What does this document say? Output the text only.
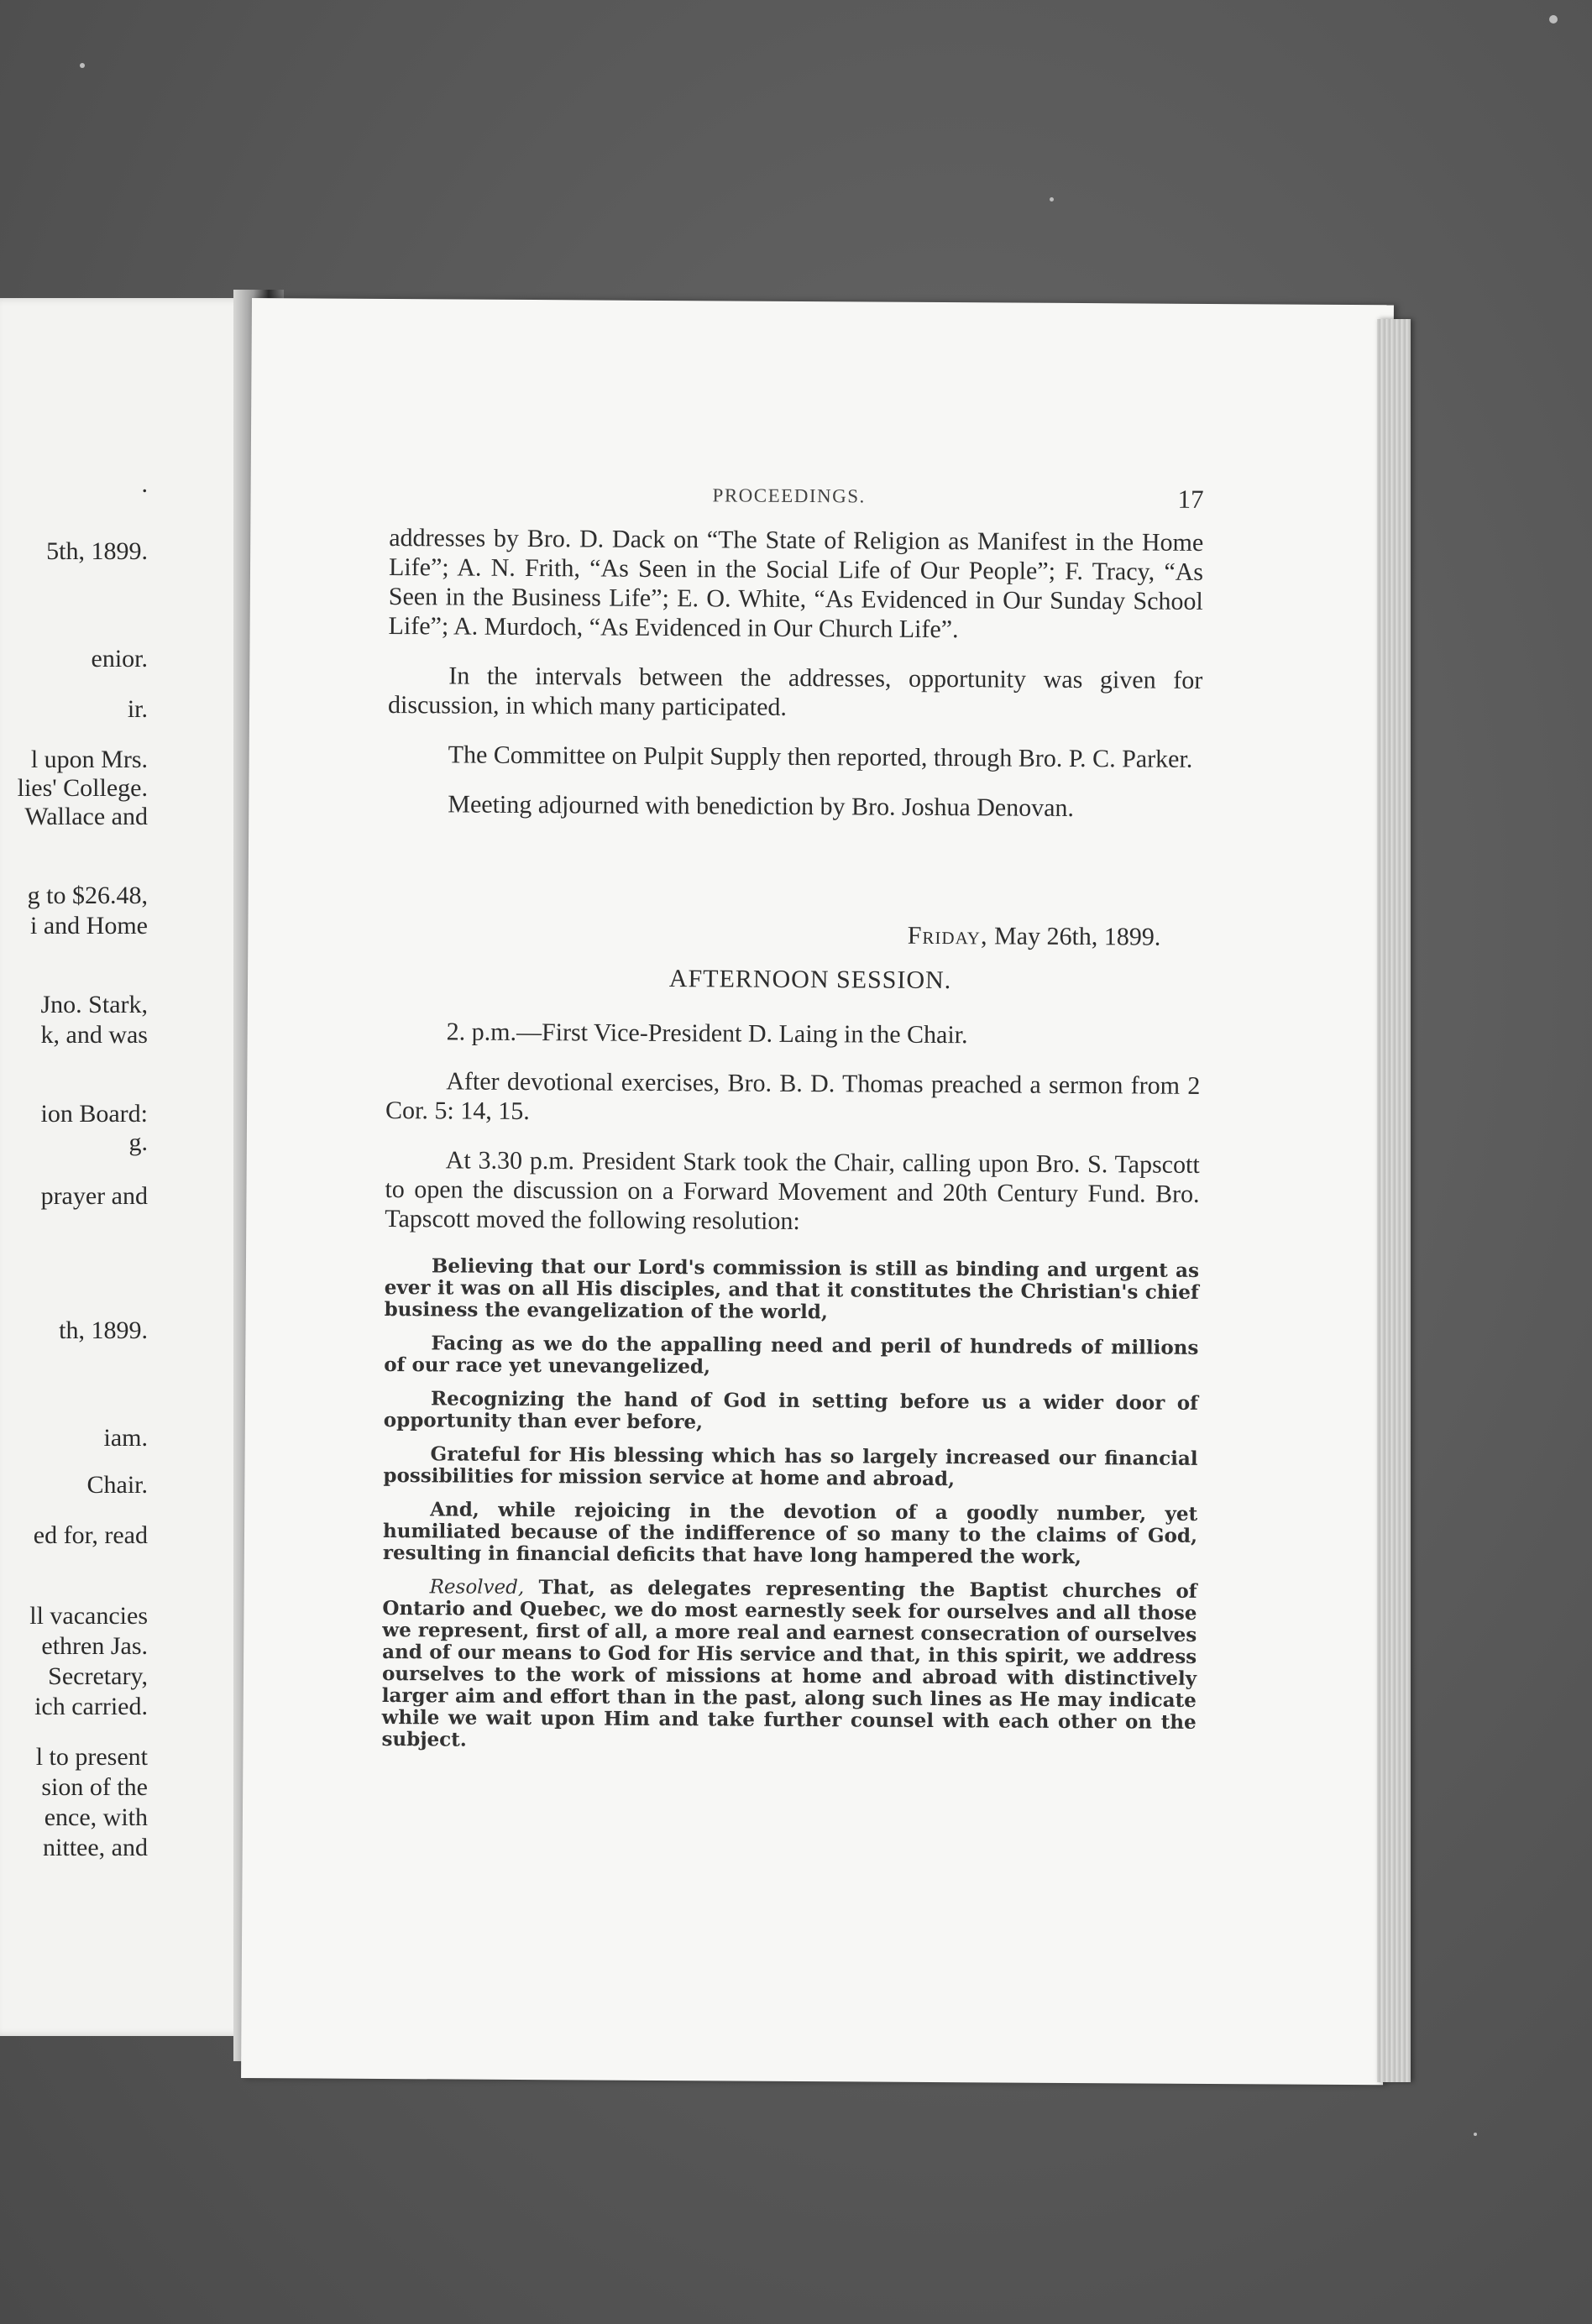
.
5th, 1899.
enior.
ir.
l upon Mrs.
lies' College.
Wallace and
g to $26.48,
i and Home
Jno. Stark,
k, and was
ion Board:
g.
prayer and
th, 1899.
iam.
Chair.
ed for, read
ll vacancies
ethren Jas.
Secretary,
ich carried.
l to present
sion of the
ence, with
nittee, and
PROCEEDINGS.	17

addresses by Bro. D. Dack on “The State of Religion as Manifest in the Home Life”; A. N. Frith, “As Seen in the Social Life of Our People”; F. Tracy, “As Seen in the Business Life”; E. O. White, “As Evidenced in Our Sunday School Life”; A. Murdoch, “As Evidenced in Our Church Life”.

In the intervals between the addresses, opportunity was given for discussion, in which many participated.

The Committee on Pulpit Supply then reported, through Bro. P. C. Parker.

Meeting adjourned with benediction by Bro. Joshua Denovan.

Friday, May 26th, 1899.
AFTERNOON SESSION.

2. p.m.—First Vice-President D. Laing in the Chair.

After devotional exercises, Bro. B. D. Thomas preached a sermon from 2 Cor. 5: 14, 15.

At 3.30 p.m. President Stark took the Chair, calling upon Bro. S. Tapscott to open the discussion on a Forward Movement and 20th Century Fund. Bro. Tapscott moved the following resolution:

Believing that our Lord's commission is still as binding and urgent as ever it was on all His disciples, and that it constitutes the Christian's chief business the evangelization of the world,

Facing as we do the appalling need and peril of hundreds of millions of our race yet unevangelized,

Recognizing the hand of God in setting before us a wider door of opportunity than ever before,

Grateful for His blessing which has so largely increased our financial possibilities for mission service at home and abroad,

And, while rejoicing in the devotion of a goodly number, yet humiliated because of the indifference of so many to the claims of God, resulting in financial deficits that have long hampered the work,

Resolved, That, as delegates representing the Baptist churches of Ontario and Quebec, we do most earnestly seek for ourselves and all those we represent, first of all, a more real and earnest consecration of ourselves and of our means to God for His service and that, in this spirit, we address ourselves to the work of missions at home and abroad with distinctively larger aim and effort than in the past, along such lines as He may indicate while we wait upon Him and take further counsel with each other on the subject.
